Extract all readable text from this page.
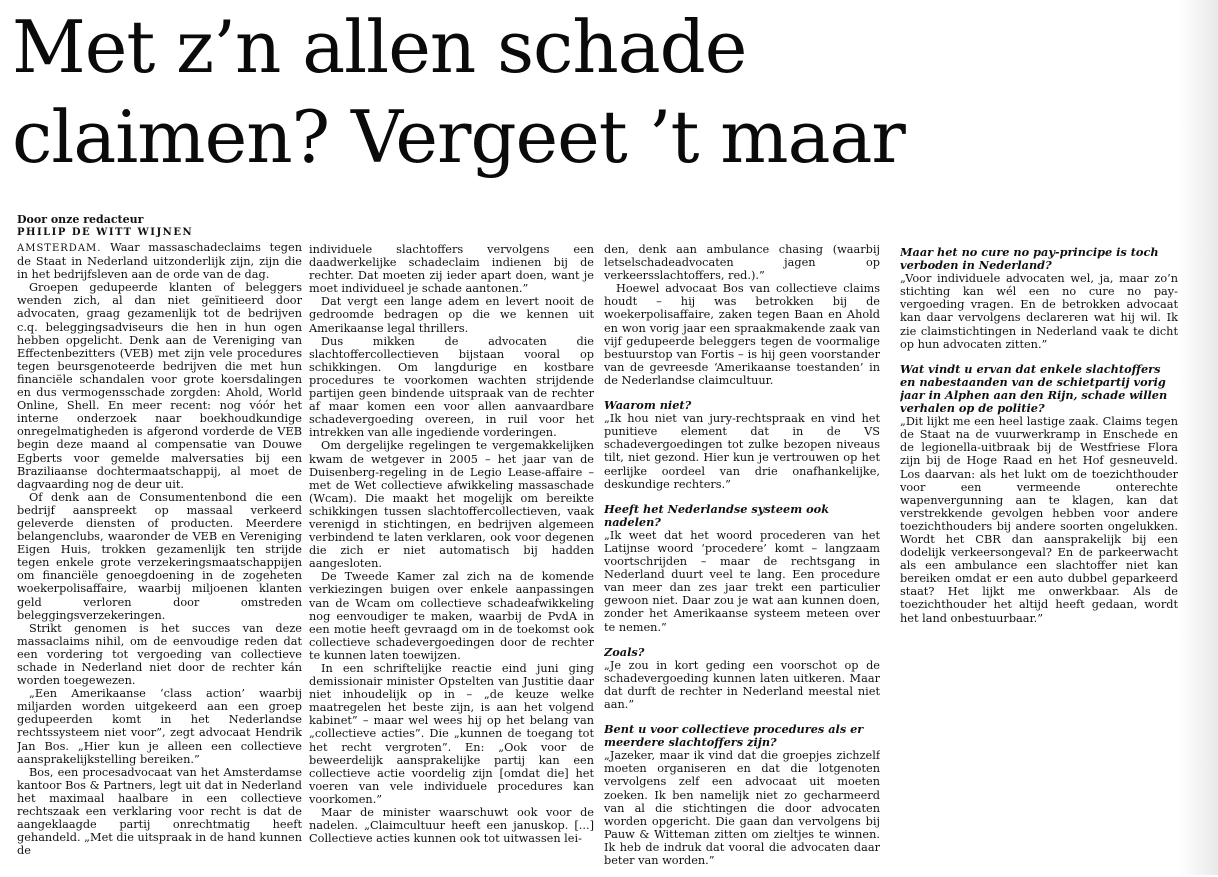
Met z’n allen schade
claimen? Vergeet ’t maar
Door onze redacteur
PHILIP DE WITT WIJNEN

AMSTERDAM. Waar massaschadeclaims tegen de Staat in Nederland uitzonderlijk zijn, zijn die in het bedrijfsleven aan de orde van de dag.

Groepen gedupeerde klanten of beleggers wenden zich, al dan niet geïnitieerd door advocaten, graag gezamenlijk tot de bedrijven c.q. beleggingsadviseurs die hen in hun ogen hebben opgelicht. Denk aan de Vereniging van Effectenbezitters (VEB) met zijn vele procedures tegen beursgenoteerde bedrijven die met hun financiële schandalen voor grote koersdalingen en dus vermogensschade zorgden: Ahold, World Online, Shell. En meer recent: nog vóór het interne onderzoek naar boekhoudkundige onregelmatigheden is afgerond vorderde de VEB begin deze maand al compensatie van Douwe Egberts voor gemelde malversaties bij een Braziliaanse dochtermaatschappij, al moet de dagvaarding nog de deur uit.

Of denk aan de Consumentenbond die een bedrijf aanspreekt op massaal verkeerd geleverde diensten of producten. Meerdere belangenclubs, waaronder de VEB en Vereniging Eigen Huis, trokken gezamenlijk ten strijde tegen enkele grote verzekeringsmaatschappijen om financiële genoegdoening in de zogeheten woekerpolisaffaire, waarbij miljoenen klanten geld verloren door omstreden beleggingsverzekeringen.

Strikt genomen is het succes van deze massaclaims nihil, om de eenvoudige reden dat een vordering tot vergoeding van collectieve schade in Nederland niet door de rechter kán worden toegewezen.

„Een Amerikaanse ‘class action’ waarbij miljarden worden uitgekeerd aan een groep gedupeerden komt in het Nederlandse rechtssysteem niet voor”, zegt advocaat Hendrik Jan Bos. „Hier kun je alleen een collectieve aansprakelijkstelling bereiken.”

Bos, een procesadvocaat van het Amsterdamse kantoor Bos & Partners, legt uit dat in Nederland het maximaal haalbare in een collectieve rechtszaak een verklaring voor recht is dat de aangeklaagde partij onrechtmatig heeft gehandeld. „Met die uitspraak in de hand kunnen de

individuele slachtoffers vervolgens een daadwerkelijke schadeclaim indienen bij de rechter. Dat moeten zij ieder apart doen, want je moet individueel je schade aantonen.”

Dat vergt een lange adem en levert nooit de gedroomde bedragen op die we kennen uit Amerikaanse legal thrillers.

Dus mikken de advocaten die slachtoffercollectieven bijstaan vooral op schikkingen. Om langdurige en kostbare procedures te voorkomen wachten strijdende partijen geen bindende uitspraak van de rechter af maar komen een voor allen aanvaardbare schadevergoeding overeen, in ruil voor het intrekken van alle ingediende vorderingen.

Om dergelijke regelingen te vergemakkelijken kwam de wetgever in 2005 – het jaar van de Duisenberg-regeling in de Legio Lease-affaire – met de Wet collectieve afwikkeling massaschade (Wcam). Die maakt het mogelijk om bereikte schikkingen tussen slachtoffercollectieven, vaak verenigd in stichtingen, en bedrijven algemeen verbindend te laten verklaren, ook voor degenen die zich er niet automatisch bij hadden aangesloten.

De Tweede Kamer zal zich na de komende verkiezingen buigen over enkele aanpassingen van de Wcam om collectieve schadeafwikkeling nog eenvoudiger te maken, waarbij de PvdA in een motie heeft gevraagd om in de toekomst ook collectieve schadevergoedingen door de rechter te kunnen laten toewijzen.

In een schriftelijke reactie eind juni ging demissionair minister Opstelten van Justitie daar niet inhoudelijk op in – „de keuze welke maatregelen het beste zijn, is aan het volgend kabinet” – maar wel wees hij op het belang van „collectieve acties”. Die „kunnen de toegang tot het recht vergroten”. En: „Ook voor de beweerdelijk aansprakelijke partij kan een collectieve actie voordelig zijn [omdat die] het voeren van vele individuele procedures kan voorkomen.”

Maar de minister waarschuwt ook voor de nadelen. „Claimcultuur heeft een januskop. [...] Collectieve acties kunnen ook tot uitwassen lei-

den, denk aan ambulance chasing (waarbij letselschadeadvocaten jagen op verkeersslachtoffers, red.).”

Hoewel advocaat Bos van collectieve claims houdt – hij was betrokken bij de woekerpolisaffaire, zaken tegen Baan en Ahold en won vorig jaar een spraakmakende zaak van vijf gedupeerde beleggers tegen de voormalige bestuurstop van Fortis – is hij geen voorstander van de gevreesde ‘Amerikaanse toestanden’ in de Nederlandse claimcultuur.

Waarom niet?

„Ik hou niet van jury-rechtspraak en vind het punitieve element dat in de VS schadevergoedingen tot zulke bezopen niveaus tilt, niet gezond. Hier kun je vertrouwen op het eerlijke oordeel van drie onafhankelijke, deskundige rechters.”

Heeft het Nederlandse systeem ook nadelen?

„Ik weet dat het woord procederen van het Latijnse woord ‘procedere’ komt – langzaam voortschrijden – maar de rechtsgang in Nederland duurt veel te lang. Een procedure van meer dan zes jaar trekt een particulier gewoon niet. Daar zou je wat aan kunnen doen, zonder het Amerikaanse systeem meteen over te nemen.”

Zoals?

„Je zou in kort geding een voorschot op de schadevergoeding kunnen laten uitkeren. Maar dat durft de rechter in Nederland meestal niet aan.”

Bent u voor collectieve procedures als er meerdere slachtoffers zijn?

„Jazeker, maar ik vind dat die groepjes zichzelf moeten organiseren en dat die lotgenoten vervolgens zelf een advocaat uit moeten zoeken. Ik ben namelijk niet zo gecharmeerd van al die stichtingen die door advocaten worden opgericht. Die gaan dan vervolgens bij Pauw & Witteman zitten om zieltjes te winnen. Ik heb de indruk dat vooral die advocaten daar beter van worden.”

Maar het no cure no pay-principe is toch verboden in Nederland?

„Voor individuele advocaten wel, ja, maar zo’n stichting kan wél een no cure no pay-vergoeding vragen. En de betrokken advocaat kan daar vervolgens declareren wat hij wil. Ik zie claimstichtingen in Nederland vaak te dicht op hun advocaten zitten.”

Wat vindt u ervan dat enkele slachtoffers en nabestaanden van de schietpartij vorig jaar in Alphen aan den Rijn, schade willen verhalen op de politie?

„Dit lijkt me een heel lastige zaak. Claims tegen de Staat na de vuurwerkramp in Enschede en de legionella-uitbraak bij de Westfriese Flora zijn bij de Hoge Raad en het Hof gesneuveld. Los daarvan: als het lukt om de toezichthouder voor een vermeende onterechte wapenvergunning aan te klagen, kan dat verstrekkende gevolgen hebben voor andere toezichthouders bij andere soorten ongelukken. Wordt het CBR dan aansprakelijk bij een dodelijk verkeersongeval? En de parkeerwacht als een ambulance een slachtoffer niet kan bereiken omdat er een auto dubbel geparkeerd staat? Het lijkt me onwerkbaar. Als de toezichthouder het altijd heeft gedaan, wordt het land onbestuurbaar.”
